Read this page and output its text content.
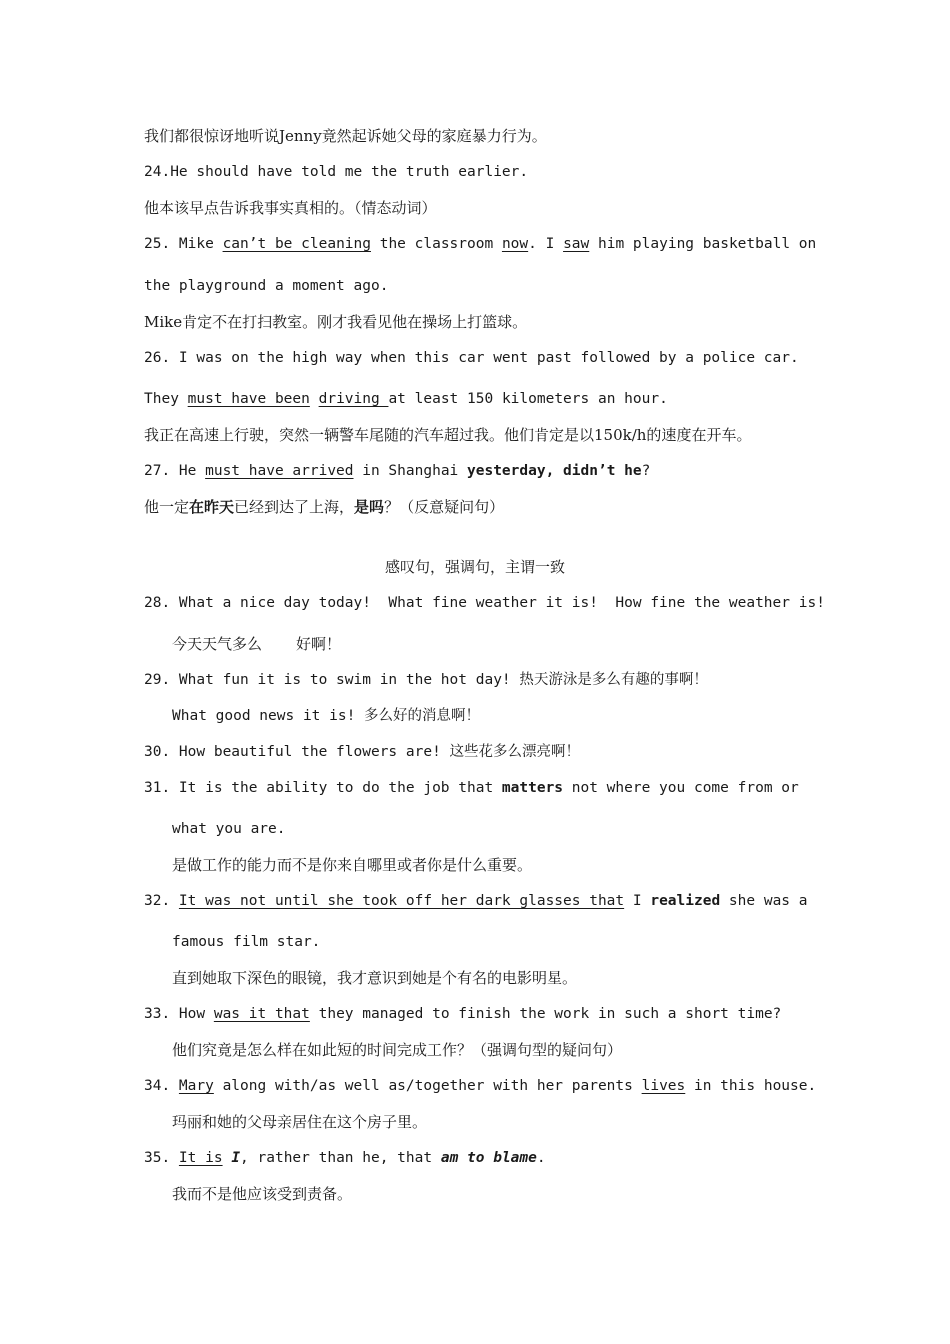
我们都很惊讶地听说Jenny竟然起诉她父母的家庭暴力行为。
24.He should have told me the truth earlier.
他本该早点告诉我事实真相的。（情态动词）
25. Mike can’t be cleaning the classroom now. I saw him playing basketball on
the playground a moment ago.
Mike肯定不在打扫教室。刚才我看见他在操场上打篮球。
26. I was on the high way when this car went past followed by a police car.
They must have been driving at least 150 kilometers an hour.
我正在高速上行驶，突然一辆警车尾随的汽车超过我。他们肯定是以150k/h的速度在开车。
27. He must have arrived in Shanghai yesterday, didn’t he?
他一定在昨天已经到达了上海，是吗？（反意疑问句）
感叹句，强调句，主谓一致
28. What a nice day today!  What fine weather it is!  How fine the weather is!
今天天气多么 好啊！
29. What fun it is to swim in the hot day! 热天游泳是多么有趣的事啊！
What good news it is! 多么好的消息啊！
30. How beautiful the flowers are! 这些花多么漂亮啊！
31. It is the ability to do the job that matters not where you come from or
what you are.
是做工作的能力而不是你来自哪里或者你是什么重要。
32. It was not until she took off her dark glasses that I realized she was a
famous film star.
直到她取下深色的眼镜，我才意识到她是个有名的电影明星。
33. How was it that they managed to finish the work in such a short time?
他们究竟是怎么样在如此短的时间完成工作？（强调句型的疑问句）
34. Mary along with/as well as/together with her parents lives in this house.
玛丽和她的父母亲居住在这个房子里。
35. It is I, rather than he, that am to blame.
我而不是他应该受到责备。
